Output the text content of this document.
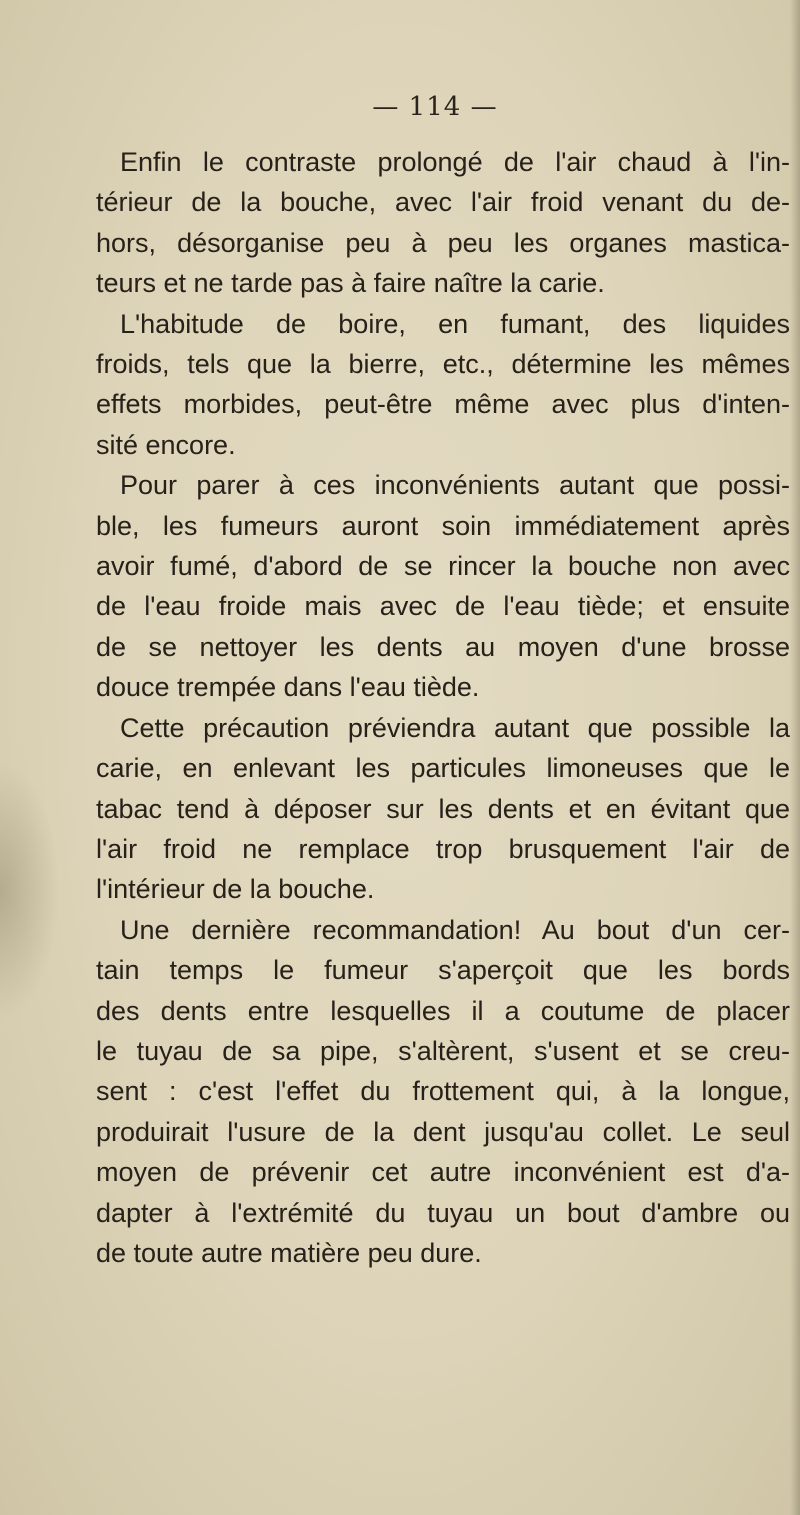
— 114 —
Enfin le contraste prolongé de l'air chaud à l'in-
térieur de la bouche, avec l'air froid venant du de-
hors, désorganise peu à peu les organes mastica-
teurs et ne tarde pas à faire naître la carie.
L'habitude de boire, en fumant, des liquides
froids, tels que la bierre, etc., détermine les mêmes
effets morbides, peut-être même avec plus d'inten-
sité encore.
Pour parer à ces inconvénients autant que possi-
ble, les fumeurs auront soin immédiatement après
avoir fumé, d'abord de se rincer la bouche non avec
de l'eau froide mais avec de l'eau tiède; et ensuite
de se nettoyer les dents au moyen d'une brosse
douce trempée dans l'eau tiède.
Cette précaution préviendra autant que possible la
carie, en enlevant les particules limoneuses que le
tabac tend à déposer sur les dents et en évitant que
l'air froid ne remplace trop brusquement l'air de
l'intérieur de la bouche.
Une dernière recommandation! Au bout d'un cer-
tain temps le fumeur s'aperçoit que les bords
des dents entre lesquelles il a coutume de placer
le tuyau de sa pipe, s'altèrent, s'usent et se creu-
sent : c'est l'effet du frottement qui, à la longue,
produirait l'usure de la dent jusqu'au collet. Le seul
moyen de prévenir cet autre inconvénient est d'a-
dapter à l'extrémité du tuyau un bout d'ambre ou
de toute autre matière peu dure.
